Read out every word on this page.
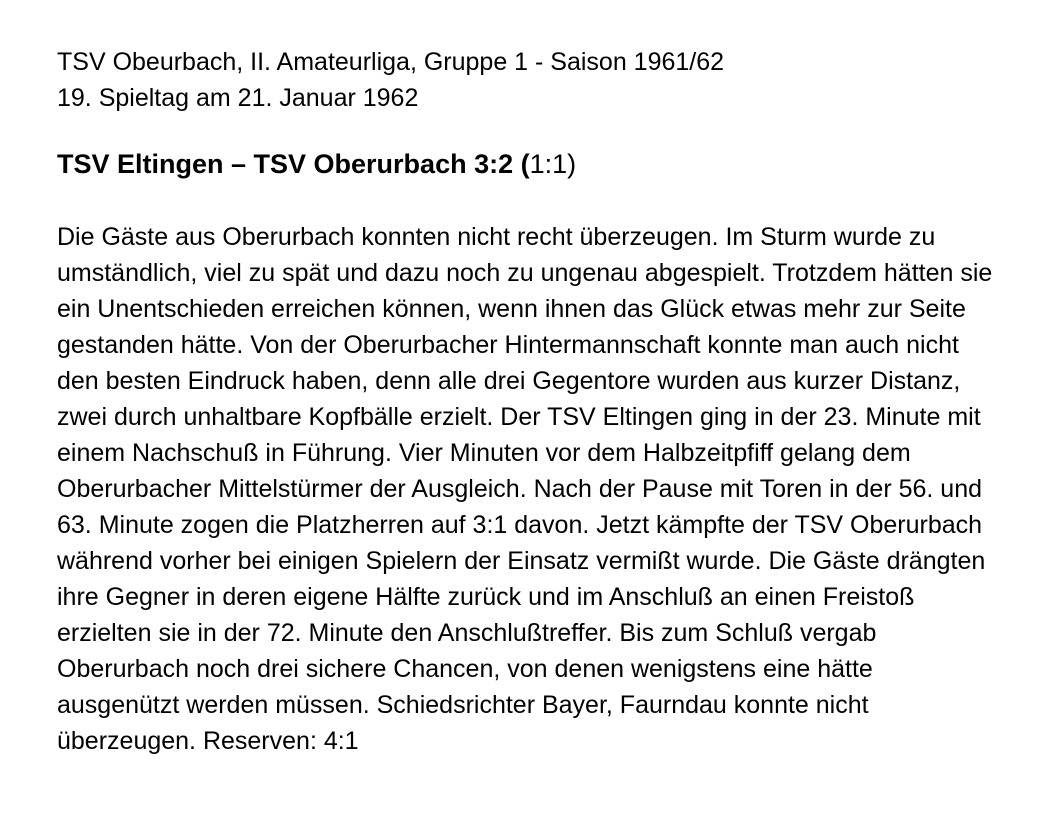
TSV Obeurbach, II. Amateurliga, Gruppe 1 - Saison 1961/62
19. Spieltag am 21. Januar 1962
TSV Eltingen – TSV Oberurbach 3:2 (1:1)

Die Gäste aus Oberurbach konnten nicht recht überzeugen. Im Sturm wurde zu umständlich, viel zu spät und dazu noch zu ungenau abgespielt. Trotzdem hätten sie ein Unentschieden erreichen können, wenn ihnen das Glück etwas mehr zur Seite gestanden hätte. Von der Oberurbacher Hintermannschaft konnte man auch nicht den besten Eindruck haben, denn alle drei Gegentore wurden aus kurzer Distanz, zwei durch unhaltbare Kopfbälle erzielt. Der TSV Eltingen ging in der 23. Minute mit einem Nachschuß in Führung. Vier Minuten vor dem Halbzeitpfiff gelang dem Oberurbacher Mittelstürmer der Ausgleich. Nach der Pause mit Toren in der 56. und 63. Minute zogen die Platzherren auf 3:1 davon. Jetzt kämpfte der TSV Oberurbach während vorher bei einigen Spielern der Einsatz vermißt wurde. Die Gäste drängten ihre Gegner in deren eigene Hälfte zurück und im Anschluß an einen Freistoß erzielten sie in der 72. Minute den Anschlußtreffer. Bis zum Schluß vergab Oberurbach noch drei sichere Chancen, von denen wenigstens eine hätte ausgenützt werden müssen. Schiedsrichter Bayer, Faurndau konnte nicht überzeugen. Reserven: 4:1
